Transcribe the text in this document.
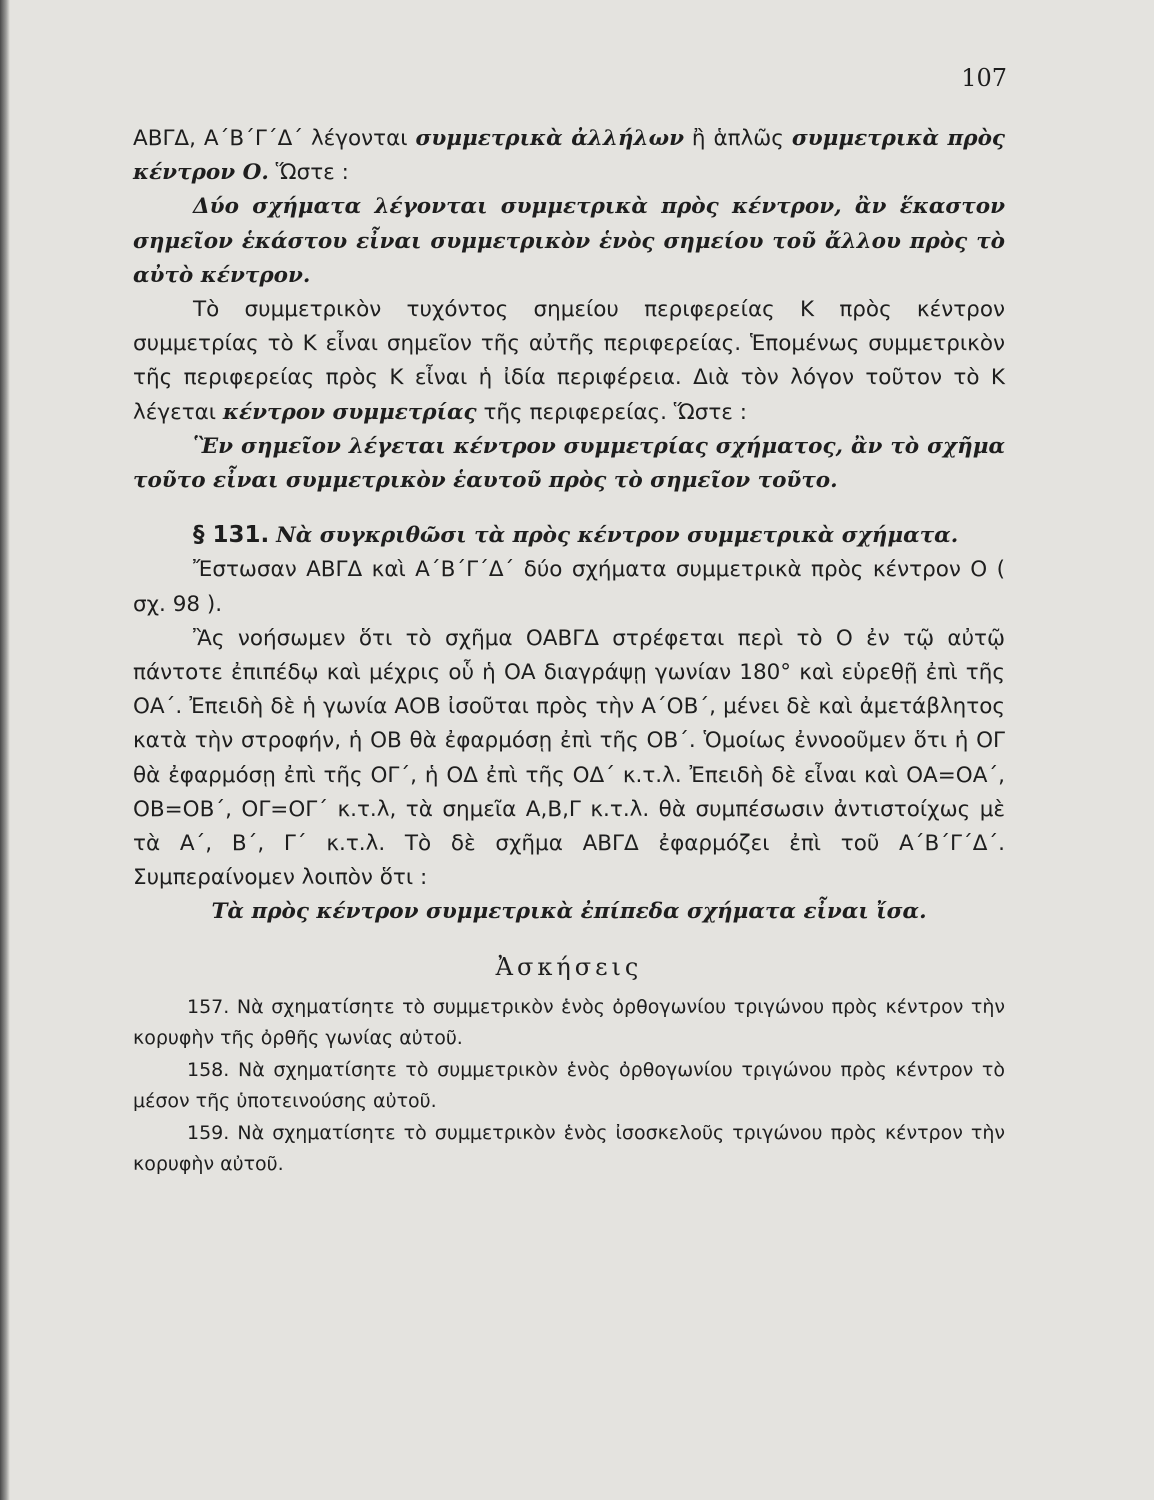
107

ΑΒΓΔ, Α΄Β΄Γ΄Δ΄ λέγονται συμμετρικὰ ἀλλήλων ἢ ἁπλῶς συμμετρικὰ πρὸς κέντρον Ο. Ὥστε :

Δύο σχήματα λέγονται συμμετρικὰ πρὸς κέντρον, ἂν ἕκαστον σημεῖον ἑκάστου εἶναι συμμετρικὸν ἑνὸς σημείου τοῦ ἄλλου πρὸς τὸ αὐτὸ κέντρον.

Τὸ συμμετρικὸν τυχόντος σημείου περιφερείας Κ πρὸς κέντρον συμμετρίας τὸ Κ εἶναι σημεῖον τῆς αὐτῆς περιφερείας. Ἑπομένως συμμετρικὸν τῆς περιφερείας πρὸς Κ εἶναι ἡ ἰδία περιφέρεια. Διὰ τὸν λόγον τοῦτον τὸ Κ λέγεται κέντρον συμμετρίας τῆς περιφερείας. Ὥστε :

Ἓν σημεῖον λέγεται κέντρον συμμετρίας σχήματος, ἂν τὸ σχῆμα τοῦτο εἶναι συμμετρικὸν ἑαυτοῦ πρὸς τὸ σημεῖον τοῦτο.

§ 131. Νὰ συγκριθῶσι τὰ πρὸς κέντρον συμμετρικὰ σχήματα.

Ἔστωσαν ΑΒΓΔ καὶ Α΄Β΄Γ΄Δ΄ δύο σχήματα συμμετρικὰ πρὸς κέντρον Ο ( σχ. 98 ).

Ἂς νοήσωμεν ὅτι τὸ σχῆμα ΟΑΒΓΔ στρέφεται περὶ τὸ Ο ἐν τῷ αὐτῷ πάντοτε ἐπιπέδῳ καὶ μέχρις οὗ ἡ ΟΑ διαγράψῃ γωνίαν 180° καὶ εὑρεθῇ ἐπὶ τῆς ΟΑ΄. Ἐπειδὴ δὲ ἡ γωνία ΑΟΒ ἰσοῦται πρὸς τὴν Α΄ΟΒ΄, μένει δὲ καὶ ἀμετάβλητος κατὰ τὴν στροφήν, ἡ ΟΒ θὰ ἐφαρμόσῃ ἐπὶ τῆς ΟΒ΄. Ὁμοίως ἐννοοῦμεν ὅτι ἡ ΟΓ θὰ ἐφαρμόσῃ ἐπὶ τῆς ΟΓ΄, ἡ ΟΔ ἐπὶ τῆς ΟΔ΄ κ.τ.λ. Ἐπειδὴ δὲ εἶναι καὶ ΟΑ=ΟΑ΄, ΟΒ=ΟΒ΄, ΟΓ=ΟΓ΄ κ.τ.λ, τὰ σημεῖα Α,Β,Γ κ.τ.λ. θὰ συμπέσωσιν ἀντιστοίχως μὲ τὰ Α΄, Β΄, Γ΄ κ.τ.λ. Τὸ δὲ σχῆμα ΑΒΓΔ ἐφαρμόζει ἐπὶ τοῦ Α΄Β΄Γ΄Δ΄. Συμπεραίνομεν λοιπὸν ὅτι :

Τὰ πρὸς κέντρον συμμετρικὰ ἐπίπεδα σχήματα εἶναι ἴσα.

Ἀσκήσεις

157. Νὰ σχηματίσητε τὸ συμμετρικὸν ἑνὸς ὀρθογωνίου τριγώνου πρὸς κέντρον τὴν κορυφὴν τῆς ὀρθῆς γωνίας αὐτοῦ.

158. Νὰ σχηματίσητε τὸ συμμετρικὸν ἑνὸς ὀρθογωνίου τριγώνου πρὸς κέντρον τὸ μέσον τῆς ὑποτεινούσης αὐτοῦ.

159. Νὰ σχηματίσητε τὸ συμμετρικὸν ἑνὸς ἰσοσκελοῦς τριγώνου πρὸς κέντρον τὴν κορυφὴν αὐτοῦ.
